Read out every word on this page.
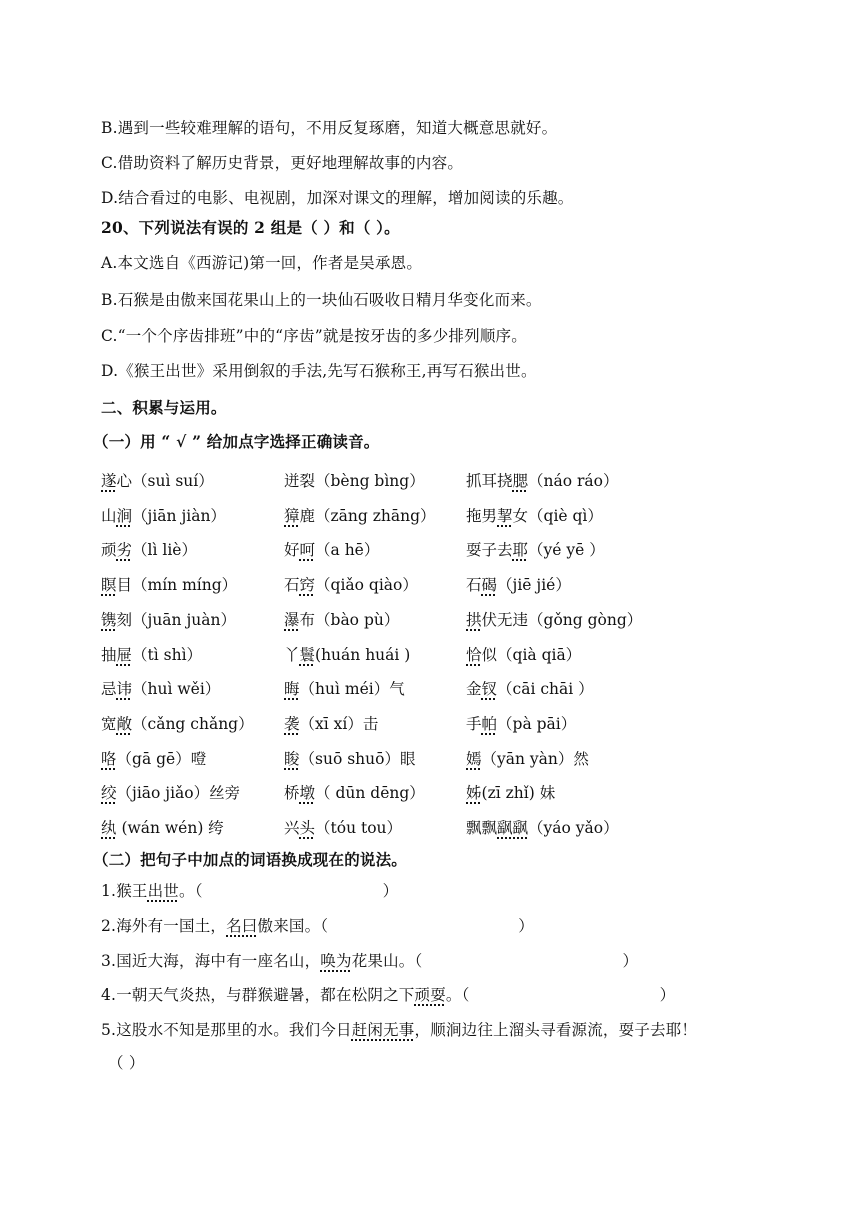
B.遇到一些较难理解的语句，不用反复琢磨，知道大概意思就好。
C.借助资料了解历史背景，更好地理解故事的内容。
D.结合看过的电影、电视剧，加深对课文的理解，增加阅读的乐趣。
20、下列说法有误的 2 组是（ ）和（ ）。
A.本文选自《西游记)第一回，作者是吴承恩。
B.石猴是由傲来国花果山上的一块仙石吸收日精月华变化而来。
C.“一个个序齿排班”中的“序齿”就是按牙齿的多少排列顺序。
D.《猴王出世》采用倒叙的手法,先写石猴称王,再写石猴出世。
二、积累与运用。
（一）用 “ √ ” 给加点字选择正确读音。
遂心（suì suí）	迸裂（bèng bìng）	抓耳挠腮（náo ráo）
山涧（jiān jiàn）	獐鹿（zāng zhāng） 拖男挈女（qiè qì）
顽劣（lì liè）	好呵（a hē）	耍子去耶（yé yē ）
瞑目（mín míng）	石窍（qiǎo qiào）	石碣（jiē jié）
镌刻（juān juàn）	瀑布（bào pù）	拱伏无违（gǒng gòng）
抽屉（tì shì）	丫鬟(huán huái )	恰似（qià qiā）
忌讳（huì wěi）	晦（huì méi）气	金钗（cāi chāi ）
宽敞（cǎng chǎng） 袭（xī xí）击	手帕（pà pāi）
咯（gā gē）噔	睃（suō shuō）眼	嫣（yān yàn）然
绞（jiāo jiǎo）丝旁	桥墩（ dūn dēng）	姊(zī zhǐ) 妹
纨 (wán wén) 绔	兴头（tóu tou）	飘飘飖飖（yáo yǎo）
（二）把句子中加点的词语换成现在的说法。
1.猴王出世。（	）
2.海外有一国土，名曰傲来国。（	）
3.国近大海，海中有一座名山，唤为花果山。（	）
4.一朝天气炎热，与群猴避暑，都在松阴之下顽耍。（	）
5.这股水不知是那里的水。我们今日赶闲无事，顺涧边往上溜头寻看源流，耍子去耶！
（ ）
